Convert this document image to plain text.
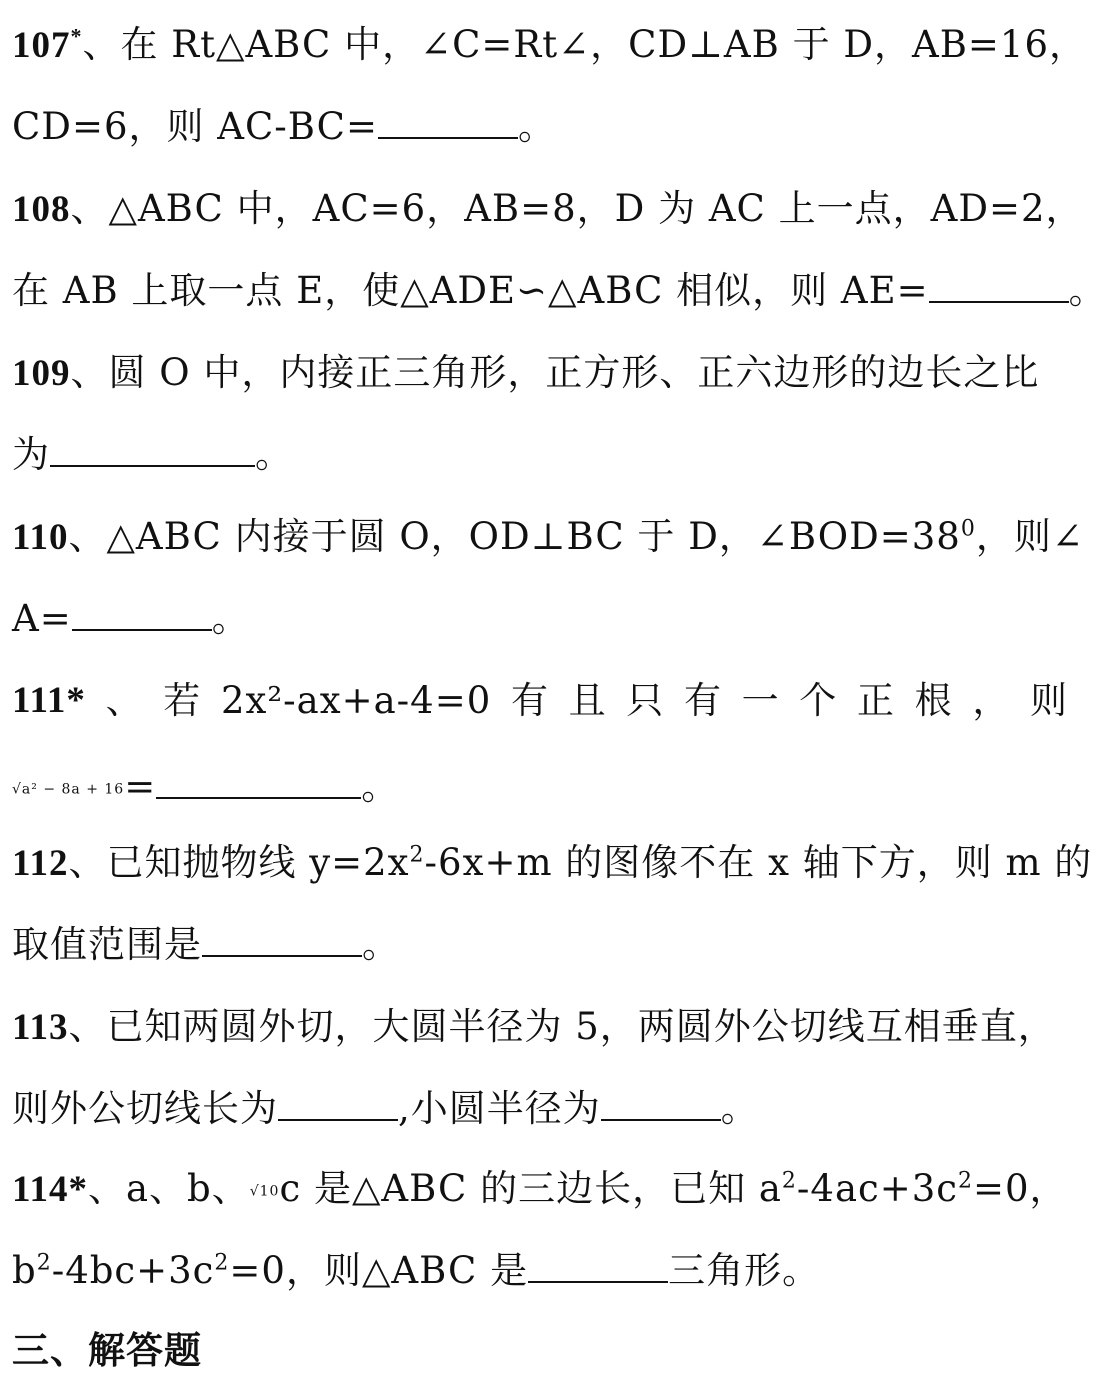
107*、在 Rt△ABC 中，∠C=Rt∠，CD⊥AB 于 D，AB=16，
CD=6，则 AC-BC=	。
108、△ABC 中，AC=6，AB=8，D 为 AC 上一点，AD=2，
在 AB 上取一点 E，使△ADE∽△ABC 相似，则 AE=	。
109、圆 O 中，内接正三角形，正方形、正六边形的边长之比
为	。
110、△ABC 内接于圆 O，OD⊥BC 于 D，$\angle BOD=38^0$，则∠
A=	。
111* 、 若 2x²-ax+a-4=0 有 且 只 有 一 个 正 根 ， 则
√a² − 8a + 16=	。
112、已知抛物线 $y=2x^2-6x+m$ 的图像不在 x 轴下方，则 m 的
取值范围是	。
113、已知两圆外切，大圆半径为 5，两圆外公切线互相垂直，
则外公切线长为	,小圆半径为	。
114*、a、b、√10c 是△ABC 的三边长，已知 $a^2-4ac+3c^2=0$，
$b^2-4bc+3c^2=0$，则△ABC 是	三角形。
三、解答题
